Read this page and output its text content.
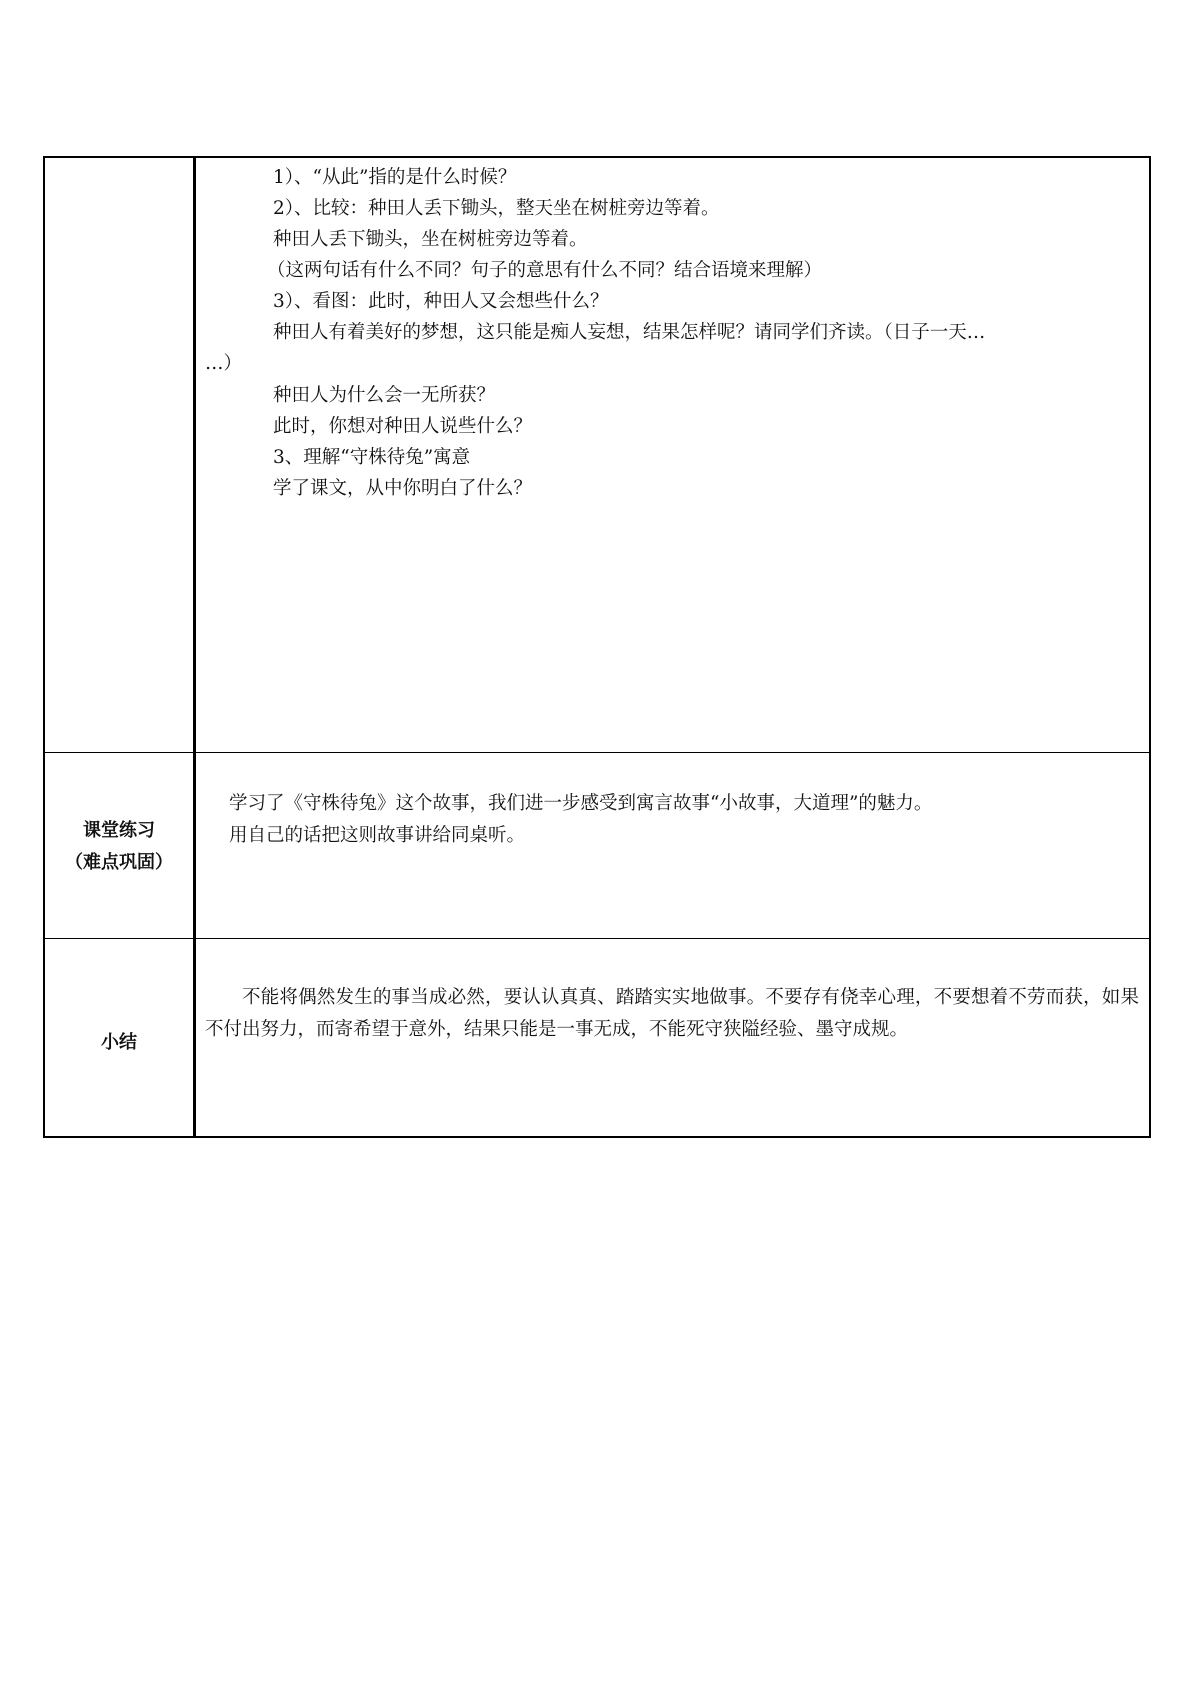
1）、“从此”指的是什么时候？
2）、比较：种田人丢下锄头，整天坐在树桩旁边等着。
种田人丢下锄头，坐在树桩旁边等着。
（这两句话有什么不同？句子的意思有什么不同？结合语境来理解）
3）、看图：此时，种田人又会想些什么？
种田人有着美好的梦想，这只能是痴人妄想，结果怎样呢？请同学们齐读。（日子一天…
…）
种田人为什么会一无所获？
此时，你想对种田人说些什么？
3、理解“守株待兔”寓意
学了课文，从中你明白了什么？
课堂练习
（难点巩固）
学习了《守株待兔》这个故事，我们进一步感受到寓言故事“小故事，大道理”的魅力。
用自己的话把这则故事讲给同桌听。
小结
不能将偶然发生的事当成必然，要认认真真、踏踏实实地做事。不要存有侥幸心理，不要想着不劳而获，如果不付出努力，而寄希望于意外，结果只能是一事无成，不能死守狭隘经验、墨守成规。
